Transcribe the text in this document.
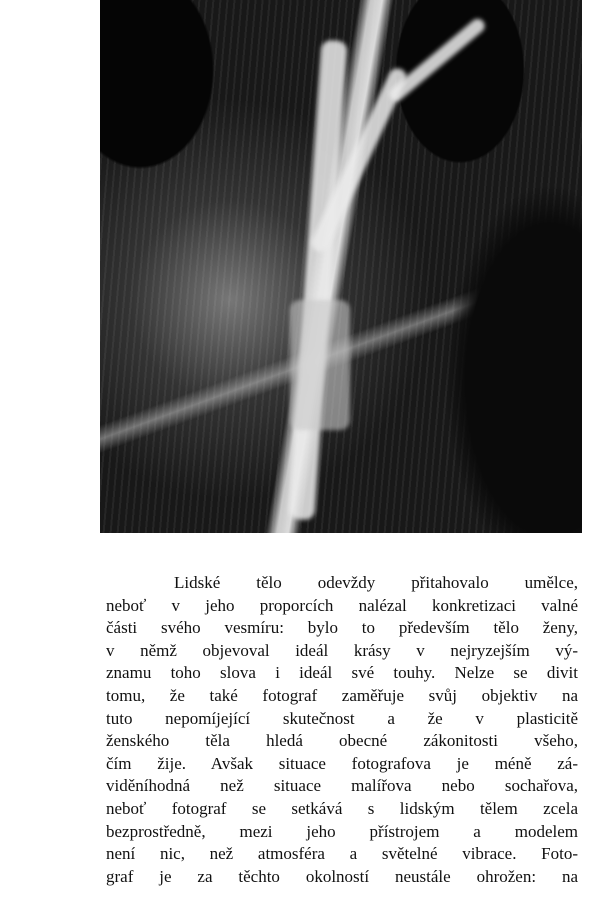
Lidské tělo odevždy přitahovalo umělce,
neboť v jeho proporcích nalézal konkretizaci valné
části svého vesmíru: bylo to především tělo ženy,
v němž objevoval ideál krásy v nejryzejším vý-
znamu toho slova i ideál své touhy. Nelze se divit
tomu, že také fotograf zaměřuje svůj objektiv na
tuto nepomíjející skutečnost a že v plasticitě
ženského těla hledá obecné zákonitosti všeho,
čím žije. Avšak situace fotografova je méně zá-
viděníhodná než situace malířova nebo sochařova,
neboť fotograf se setkává s lidským tělem zcela
bezprostředně, mezi jeho přístrojem a modelem
není nic, než atmosféra a světelné vibrace. Foto-
graf je za těchto okolností neustále ohrožen: na
